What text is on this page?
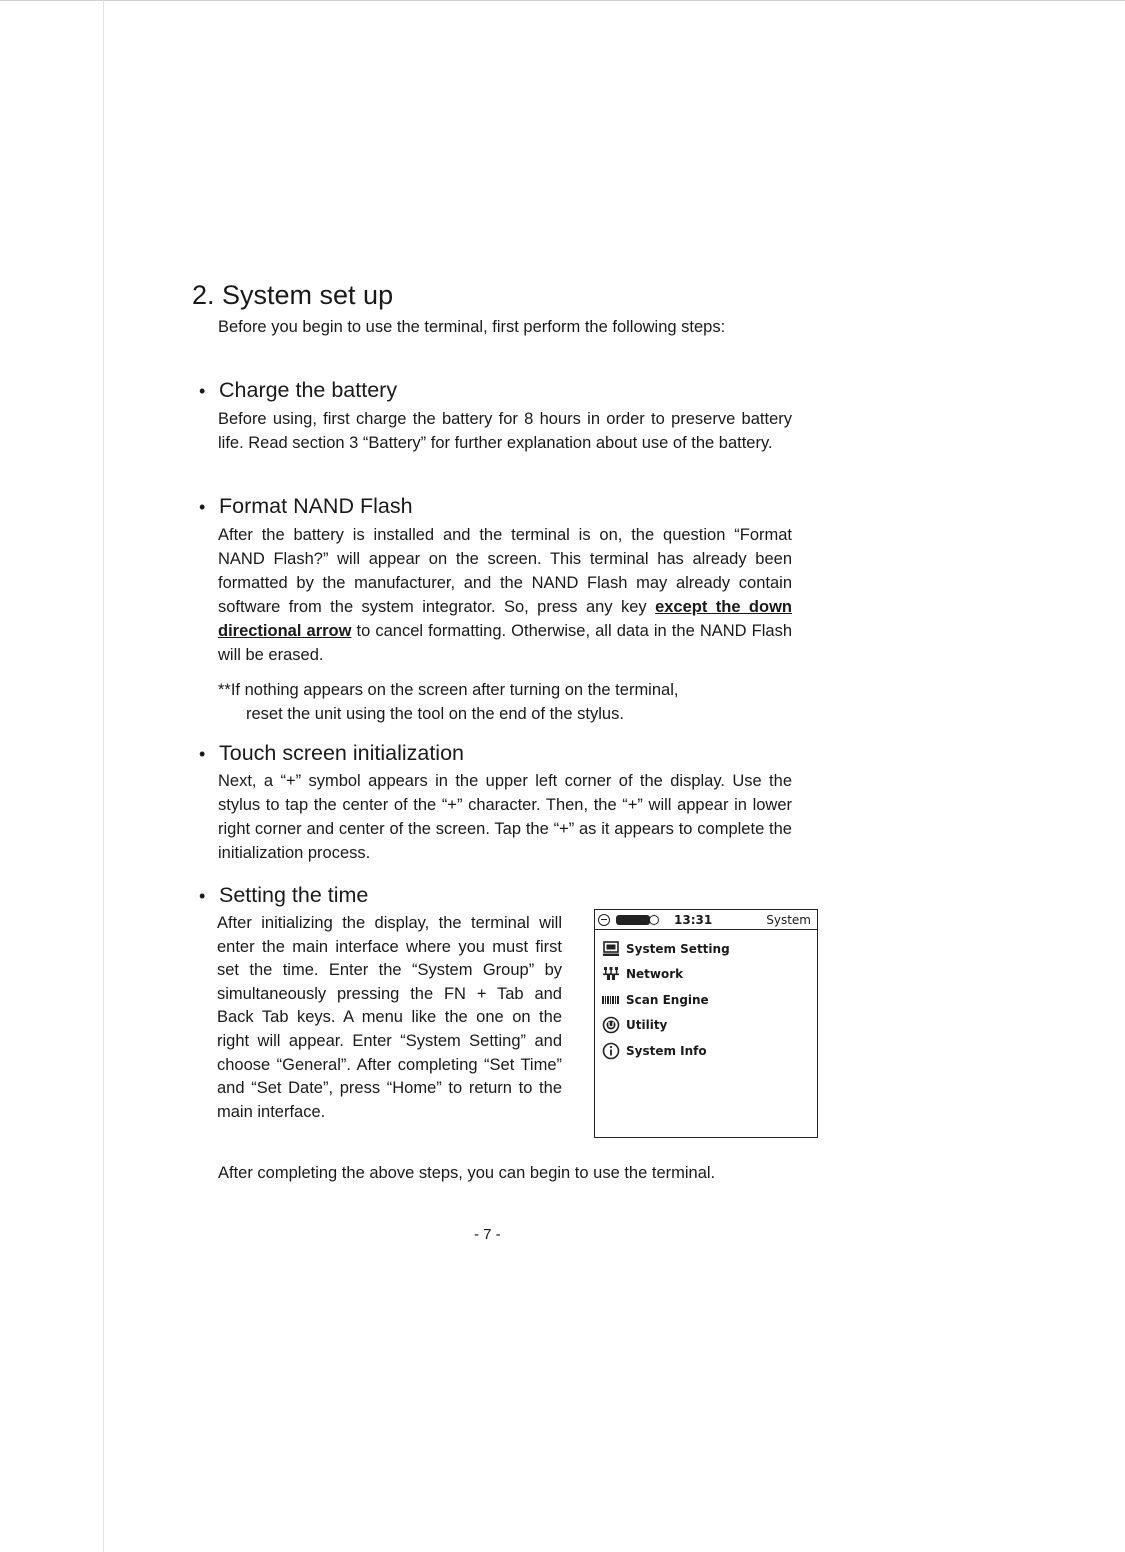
2. System set up

Before you begin to use the terminal, first perform the following steps:

• Charge the battery

Before using, first charge the battery for 8 hours in order to preserve battery life. Read section 3 “Battery” for further explanation about use of the battery.

• Format NAND Flash

After the battery is installed and the terminal is on, the question “Format NAND Flash?” will appear on the screen. This terminal has already been formatted by the manufacturer, and the NAND Flash may already contain software from the system integrator. So, press any key except the down directional arrow to cancel formatting. Otherwise, all data in the NAND Flash will be erased.

**If nothing appears on the screen after turning on the terminal,
reset the unit using the tool on the end of the stylus.

• Touch screen initialization

Next, a “+” symbol appears in the upper left corner of the display. Use the stylus to tap the center of the “+” character. Then, the “+” will appear in lower right corner and center of the screen. Tap the “+” as it appears to complete the initialization process.

• Setting the time

After initializing the display, the terminal will enter the main interface where you must first set the time. Enter the “System Group” by simultaneously pressing the FN + Tab and Back Tab keys. A menu like the one on the right will appear. Enter “System Setting” and choose “General”. After completing “Set Time” and “Set Date”, press “Home” to return to the main interface.

13:31	System
System Setting
Network
Scan Engine
Utility
System Info

After completing the above steps, you can begin to use the terminal.

- 7 -
